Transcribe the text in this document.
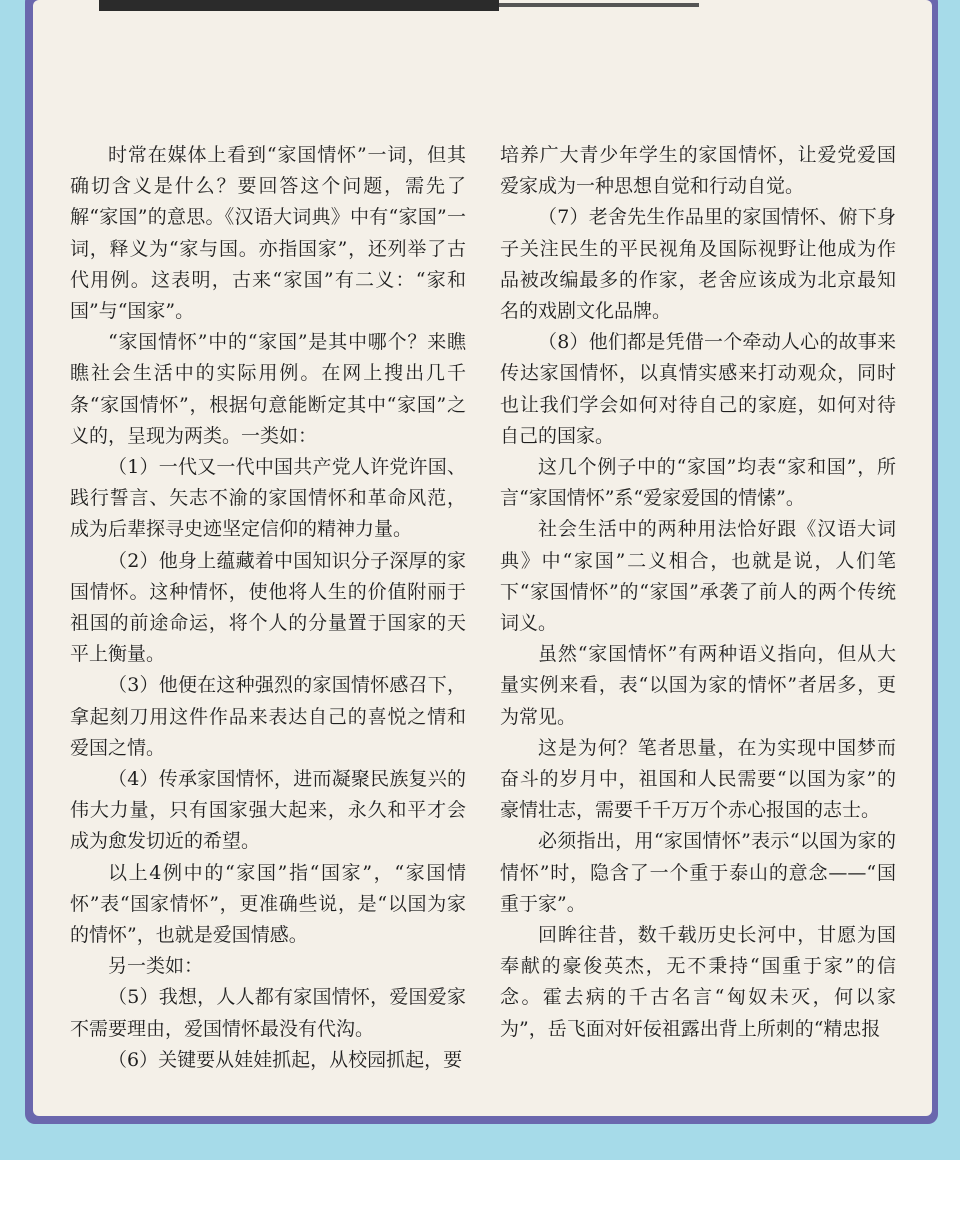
时常在媒体上看到“家国情怀”一词，但其确切含义是什么？要回答这个问题，需先了解“家国”的意思。《汉语大词典》中有“家国”一词，释义为“家与国。亦指国家”，还列举了古代用例。这表明，古来“家国”有二义：“家和国”与“国家”。

“家国情怀”中的“家国”是其中哪个？来瞧瞧社会生活中的实际用例。在网上搜出几千条“家国情怀”，根据句意能断定其中“家国”之义的，呈现为两类。一类如：

（1）一代又一代中国共产党人许党许国、践行誓言、矢志不渝的家国情怀和革命风范，成为后辈探寻史迹坚定信仰的精神力量。

（2）他身上蕴藏着中国知识分子深厚的家国情怀。这种情怀，使他将人生的价值附丽于祖国的前途命运，将个人的分量置于国家的天平上衡量。

（3）他便在这种强烈的家国情怀感召下，拿起刻刀用这件作品来表达自己的喜悦之情和爱国之情。

（4）传承家国情怀，进而凝聚民族复兴的伟大力量，只有国家强大起来，永久和平才会成为愈发切近的希望。

以上4例中的“家国”指“国家”，“家国情怀”表“国家情怀”，更准确些说，是“以国为家的情怀”，也就是爱国情感。

另一类如：

（5）我想，人人都有家国情怀，爱国爱家不需要理由，爱国情怀最没有代沟。

（6）关键要从娃娃抓起，从校园抓起，要

培养广大青少年学生的家国情怀，让爱党爱国爱家成为一种思想自觉和行动自觉。

（7）老舍先生作品里的家国情怀、俯下身子关注民生的平民视角及国际视野让他成为作品被改编最多的作家，老舍应该成为北京最知名的戏剧文化品牌。

（8）他们都是凭借一个牵动人心的故事来传达家国情怀，以真情实感来打动观众，同时也让我们学会如何对待自己的家庭，如何对待自己的国家。

这几个例子中的“家国”均表“家和国”，所言“家国情怀”系“爱家爱国的情愫”。

社会生活中的两种用法恰好跟《汉语大词典》中“家国”二义相合，也就是说，人们笔下“家国情怀”的“家国”承袭了前人的两个传统词义。

虽然“家国情怀”有两种语义指向，但从大量实例来看，表“以国为家的情怀”者居多，更为常见。

这是为何？笔者思量，在为实现中国梦而奋斗的岁月中，祖国和人民需要“以国为家”的豪情壮志，需要千千万万个赤心报国的志士。

必须指出，用“家国情怀”表示“以国为家的情怀”时，隐含了一个重于泰山的意念——“国重于家”。

回眸往昔，数千载历史长河中，甘愿为国奉献的豪俊英杰，无不秉持“国重于家”的信念。霍去病的千古名言“匈奴未灭，何以家为”，岳飞面对奸佞祖露出背上所刺的“精忠报
